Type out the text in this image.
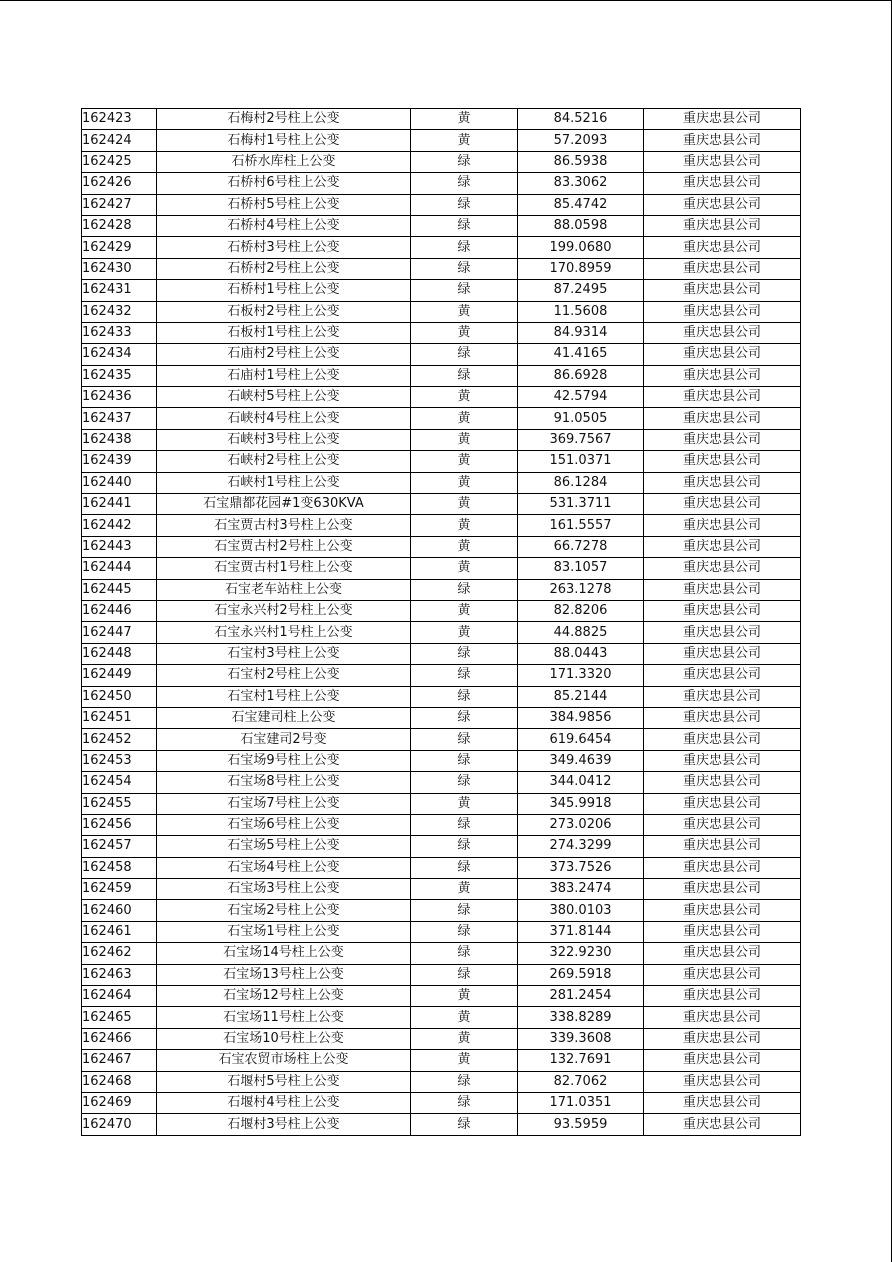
162423	石梅村2号柱上公变	黄	84.5216	重庆忠县公司
162424	石梅村1号柱上公变	黄	57.2093	重庆忠县公司
162425	石桥水库柱上公变	绿	86.5938	重庆忠县公司
162426	石桥村6号柱上公变	绿	83.3062	重庆忠县公司
162427	石桥村5号柱上公变	绿	85.4742	重庆忠县公司
162428	石桥村4号柱上公变	绿	88.0598	重庆忠县公司
162429	石桥村3号柱上公变	绿	199.0680	重庆忠县公司
162430	石桥村2号柱上公变	绿	170.8959	重庆忠县公司
162431	石桥村1号柱上公变	绿	87.2495	重庆忠县公司
162432	石板村2号柱上公变	黄	11.5608	重庆忠县公司
162433	石板村1号柱上公变	黄	84.9314	重庆忠县公司
162434	石庙村2号柱上公变	绿	41.4165	重庆忠县公司
162435	石庙村1号柱上公变	绿	86.6928	重庆忠县公司
162436	石峡村5号柱上公变	黄	42.5794	重庆忠县公司
162437	石峡村4号柱上公变	黄	91.0505	重庆忠县公司
162438	石峡村3号柱上公变	黄	369.7567	重庆忠县公司
162439	石峡村2号柱上公变	黄	151.0371	重庆忠县公司
162440	石峡村1号柱上公变	黄	86.1284	重庆忠县公司
162441	石宝鼎都花园#1变630KVA	黄	531.3711	重庆忠县公司
162442	石宝贾古村3号柱上公变	黄	161.5557	重庆忠县公司
162443	石宝贾古村2号柱上公变	黄	66.7278	重庆忠县公司
162444	石宝贾古村1号柱上公变	黄	83.1057	重庆忠县公司
162445	石宝老车站柱上公变	绿	263.1278	重庆忠县公司
162446	石宝永兴村2号柱上公变	黄	82.8206	重庆忠县公司
162447	石宝永兴村1号柱上公变	黄	44.8825	重庆忠县公司
162448	石宝村3号柱上公变	绿	88.0443	重庆忠县公司
162449	石宝村2号柱上公变	绿	171.3320	重庆忠县公司
162450	石宝村1号柱上公变	绿	85.2144	重庆忠县公司
162451	石宝建司柱上公变	绿	384.9856	重庆忠县公司
162452	石宝建司2号变	绿	619.6454	重庆忠县公司
162453	石宝场9号柱上公变	绿	349.4639	重庆忠县公司
162454	石宝场8号柱上公变	绿	344.0412	重庆忠县公司
162455	石宝场7号柱上公变	黄	345.9918	重庆忠县公司
162456	石宝场6号柱上公变	绿	273.0206	重庆忠县公司
162457	石宝场5号柱上公变	绿	274.3299	重庆忠县公司
162458	石宝场4号柱上公变	绿	373.7526	重庆忠县公司
162459	石宝场3号柱上公变	黄	383.2474	重庆忠县公司
162460	石宝场2号柱上公变	绿	380.0103	重庆忠县公司
162461	石宝场1号柱上公变	绿	371.8144	重庆忠县公司
162462	石宝场14号柱上公变	绿	322.9230	重庆忠县公司
162463	石宝场13号柱上公变	绿	269.5918	重庆忠县公司
162464	石宝场12号柱上公变	黄	281.2454	重庆忠县公司
162465	石宝场11号柱上公变	黄	338.8289	重庆忠县公司
162466	石宝场10号柱上公变	黄	339.3608	重庆忠县公司
162467	石宝农贸市场柱上公变	黄	132.7691	重庆忠县公司
162468	石堰村5号柱上公变	绿	82.7062	重庆忠县公司
162469	石堰村4号柱上公变	绿	171.0351	重庆忠县公司
162470	石堰村3号柱上公变	绿	93.5959	重庆忠县公司
